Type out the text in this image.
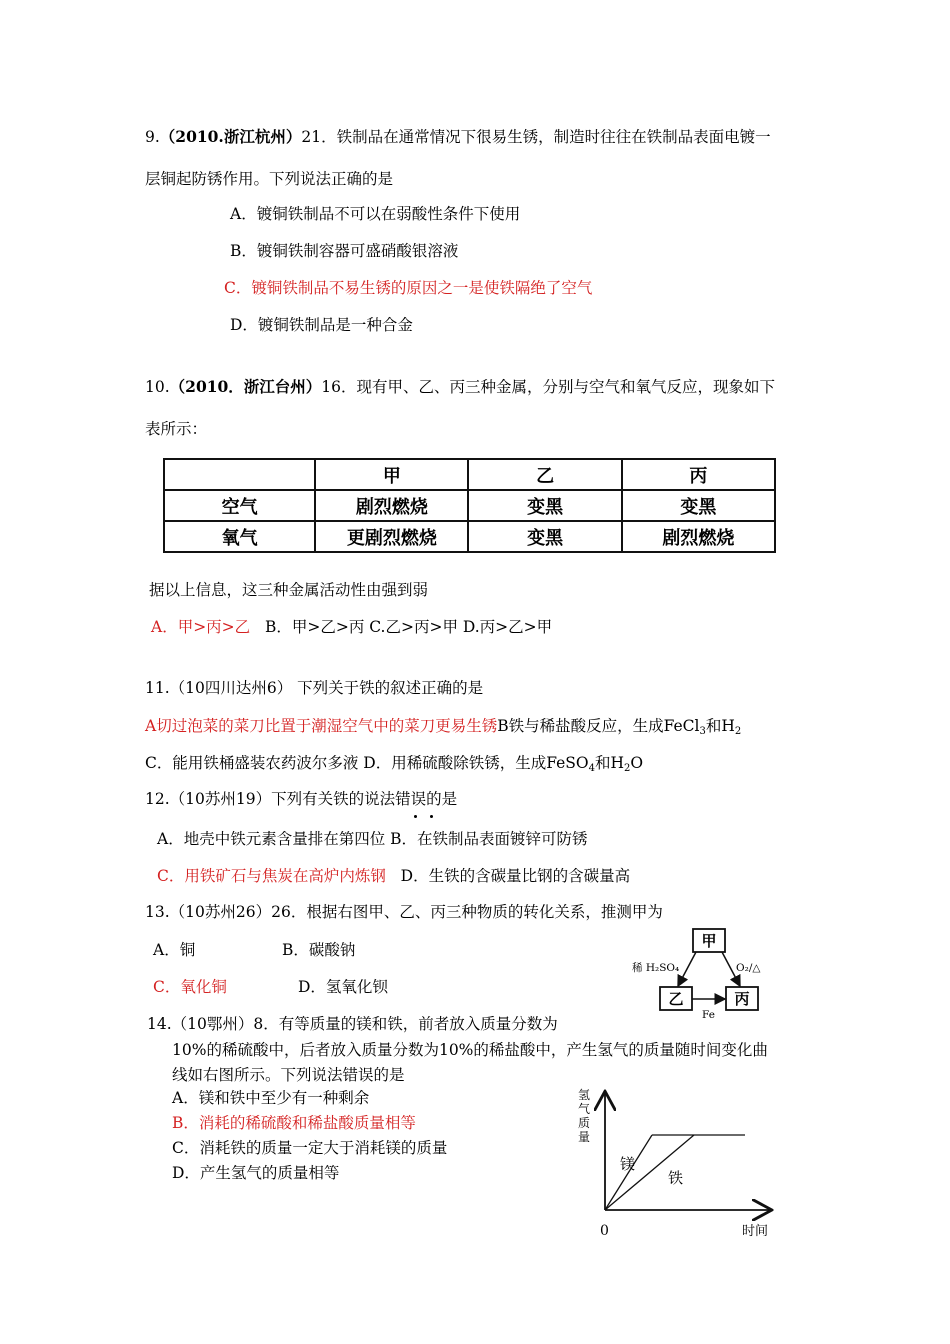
9.（2010.浙江杭州）21．铁制品在通常情况下很易生锈，制造时往往在铁制品表面电镀一
层铜起防锈作用。下列说法正确的是
A．镀铜铁制品不可以在弱酸性条件下使用
B．镀铜铁制容器可盛硝酸银溶液
C．镀铜铁制品不易生锈的原因之一是使铁隔绝了空气
D．镀铜铁制品是一种合金
10.（2010．浙江台州）16．现有甲、乙、丙三种金属，分别与空气和氧气反应，现象如下
表所示：
	甲	乙	丙
空气	剧烈燃烧	变黑	变黑
氧气	更剧烈燃烧	变黑	剧烈燃烧
据以上信息，这三种金属活动性由强到弱
A．甲>丙>乙 B．甲>乙>丙 C.乙>丙>甲 D.丙>乙>甲
11.（10四川达州6） 下列关于铁的叙述正确的是
A切过泡菜的菜刀比置于潮湿空气中的菜刀更易生锈B铁与稀盐酸反应，生成FeCl$_3$和$H_2$
C．能用铁桶盛装农药波尔多液 D．用稀硫酸除铁锈，生成FeSO$_4$和$H_2O$
12.（10苏州19）下列有关铁的说法错误的是
A．地壳中铁元素含量排在第四位 B．在铁制品表面镀锌可防锈
C．用铁矿石与焦炭在高炉内炼钢 D．生铁的含碳量比钢的含碳量高
13.（10苏州26）26．根据右图甲、乙、丙三种物质的转化关系，推测甲为
A．铜	B．碳酸钠
C．氧化铜	D．氢氧化钡
甲
乙	丙
稀 H₂SO₄	O₂/△
Fe
14.（10鄂州）8．有等质量的镁和铁，前者放入质量分数为
10%的稀硫酸中，后者放入质量分数为10%的稀盐酸中，产生氢气的质量随时间变化曲
线如右图所示。下列说法错误的是
A．镁和铁中至少有一种剩余
B．消耗的稀硫酸和稀盐酸质量相等
C．消耗铁的质量一定大于消耗镁的质量
D．产生氢气的质量相等
氢
气
质
量
0	时间
镁
铁
